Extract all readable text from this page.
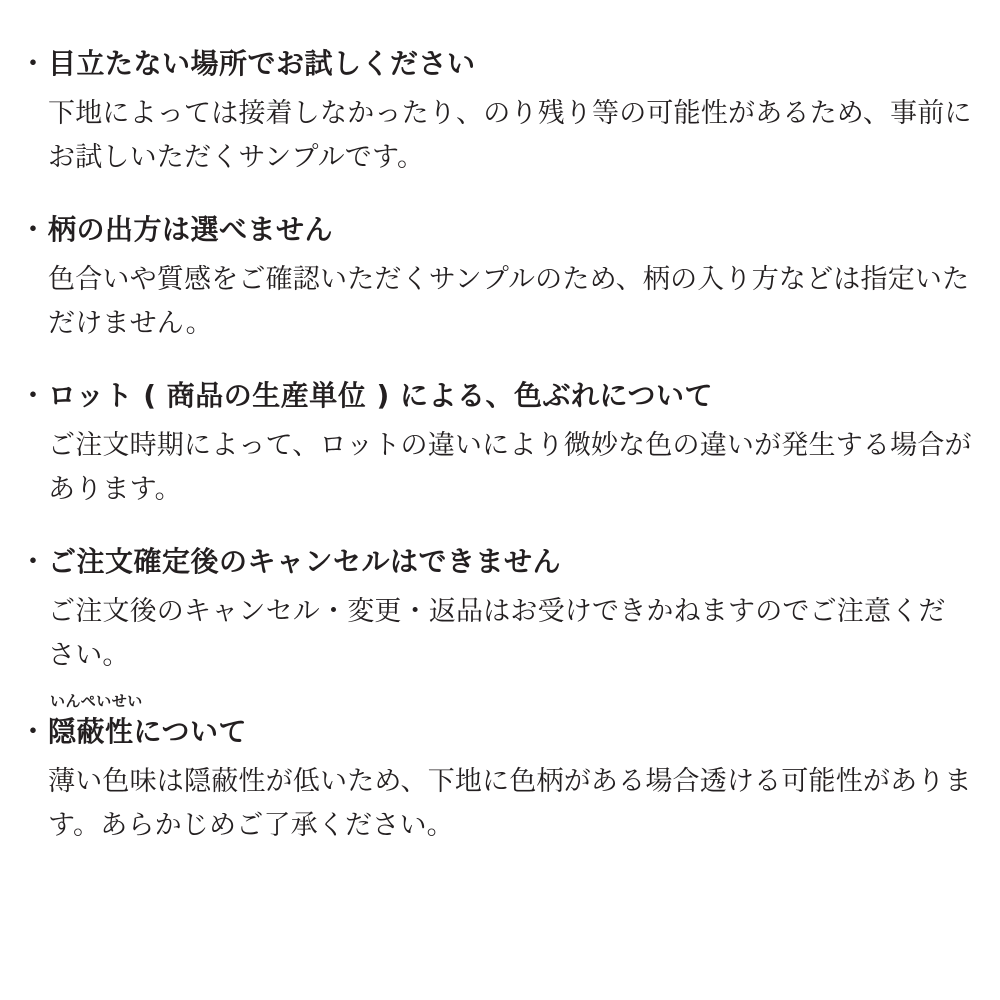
・ 目立たない場所でお試しください

下地によっては接着しなかったり、のり残り等の可能性があるため、事前にお試しいただくサンプルです。

・ 柄の出方は選べません

色合いや質感をご確認いただくサンプルのため、柄の入り方などは指定いただけません。

・ ロット ( 商品の生産単位 ) による、色ぶれについて

ご注文時期によって、ロットの違いにより微妙な色の違いが発生する場合があります。

・ ご注文確定後のキャンセルはできません

ご注文後のキャンセル・変更・返品はお受けできかねますのでご注意ください。

・
いんぺいせい
隠蔽性について

薄い色味は隠蔽性が低いため、下地に色柄がある場合透ける可能性があります。あらかじめご了承ください。
